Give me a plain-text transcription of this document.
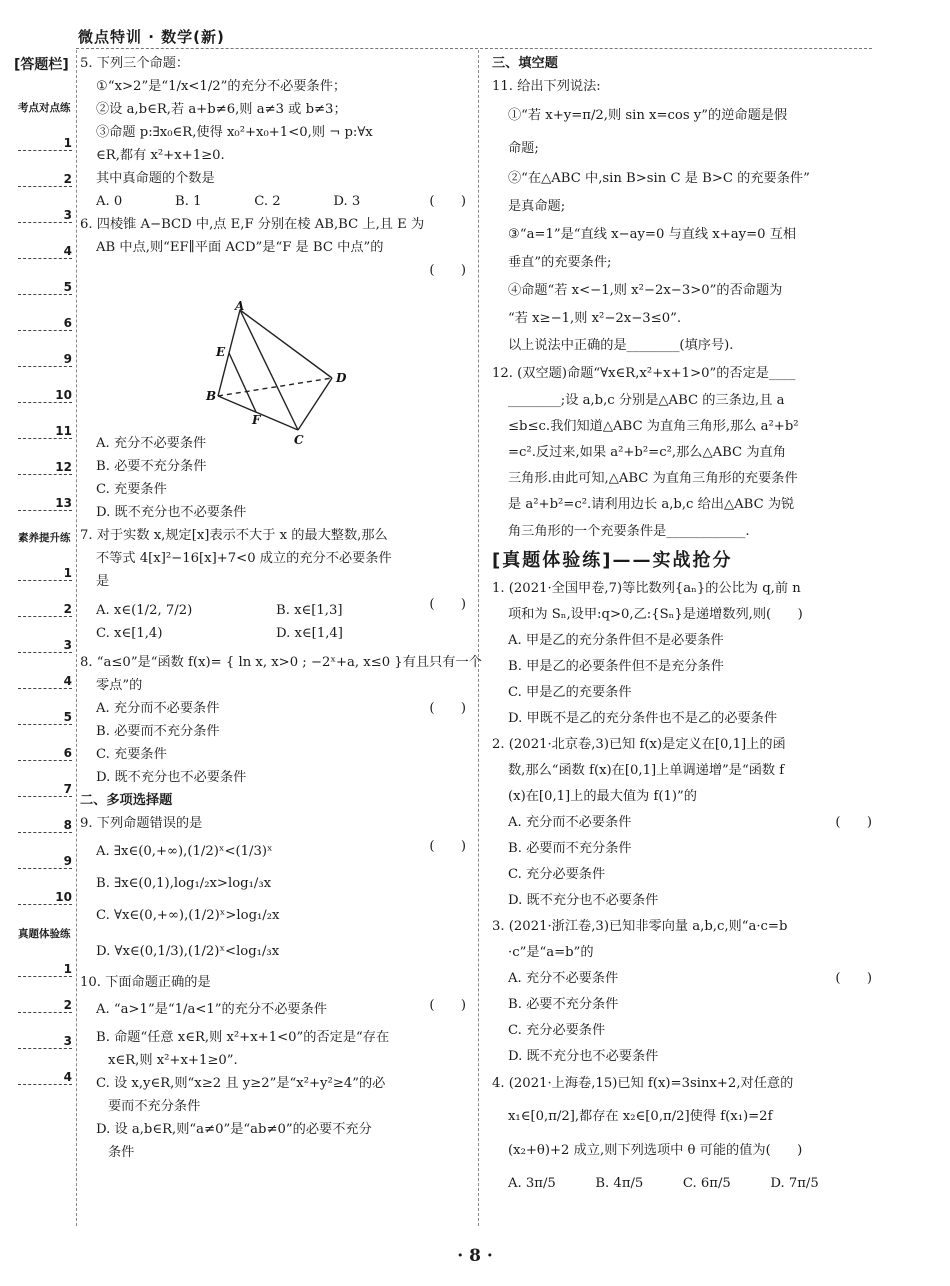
微点特训 · 数学(新)
[答题栏]
考点对点练
1
2
3
4
5
6
9
10
11
12
13
素养提升练
1
2
3
4
5
6
7
8
9
10
真题体验练
1
2
3
4

5. 下列三个命题：

①“x>2”是“1/x<1/2”的充分不必要条件；

②设 a,b∈R,若 a+b≠6,则 a≠3 或 b≠3；

③命题 p:∃x₀∈R,使得 x₀²+x₀+1<0,则 ¬ p:∀x

∈R,都有 x²+x+1≥0.

其中真命题的个数是

(　　)

A. 0　　　　B. 1　　　　C. 2　　　　D. 3

6. 四棱锥 A−BCD 中,点 E,F 分别在棱 AB,BC 上,且 E 为

AB 中点,则“EF∥平面 ACD”是“F 是 BC 中点”的

(　　)

A. 充分不必要条件

B. 必要不充分条件

C. 充要条件

D. 既不充分也不必要条件

7. 对于实数 x,规定[x]表示不大于 x 的最大整数,那么

不等式 4[x]²−16[x]+7<0 成立的充分不必要条件

是

(　　)

A. x∈(1/2, 7/2)	B. x∈[1,3]

C. x∈[1,4)	D. x∈[1,4]

8. “a≤0”是“函数 f(x)= { ln x, x>0 ; −2ˣ+a, x≤0 }有且只有一个

零点”的

(　　)

A. 充分而不必要条件

B. 必要而不充分条件

C. 充要条件

D. 既不充分也不必要条件

二、多项选择题

9. 下列命题错误的是

(　　)

A. ∃x∈(0,+∞),(1/2)ˣ<(1/3)ˣ

B. ∃x∈(0,1),log₁/₂x>log₁/₃x

C. ∀x∈(0,+∞),(1/2)ˣ>log₁/₂x

D. ∀x∈(0,1/3),(1/2)ˣ<log₁/₃x

10. 下面命题正确的是

(　　)

A. “a>1”是“1/a<1”的充分不必要条件

B. 命题“任意 x∈R,则 x²+x+1<0”的否定是“存在

x∈R,则 x²+x+1≥0”.

C. 设 x,y∈R,则“x≥2 且 y≥2”是“x²+y²≥4”的必

要而不充分条件

D. 设 a,b∈R,则“a≠0”是“ab≠0”的必要不充分

条件

A
E
B
F
C
D

三、填空题

11. 给出下列说法:

①“若 x+y=π/2,则 sin x=cos y”的逆命题是假

命题;

②“在△ABC 中,sin B>sin C 是 B>C 的充要条件”

是真命题;

③“a=1”是“直线 x−ay=0 与直线 x+ay=0 互相

垂直”的充要条件;

④命题“若 x<−1,则 x²−2x−3>0”的否命题为

“若 x≥−1,则 x²−2x−3≤0”.

以上说法中正确的是________(填序号).

12. (双空题)命题“∀x∈R,x²+x+1>0”的否定是____

________;设 a,b,c 分别是△ABC 的三条边,且 a

≤b≤c.我们知道△ABC 为直角三角形,那么 a²+b²

=c².反过来,如果 a²+b²=c²,那么△ABC 为直角

三角形.由此可知,△ABC 为直角三角形的充要条件

是 a²+b²=c².请利用边长 a,b,c 给出△ABC 为锐

角三角形的一个充要条件是____________.

[真题体验练]——实战抢分

1. (2021·全国甲卷,7)等比数列{aₙ}的公比为 q,前 n

项和为 Sₙ,设甲:q>0,乙:{Sₙ}是递增数列,则(　　)

A. 甲是乙的充分条件但不是必要条件

B. 甲是乙的必要条件但不是充分条件

C. 甲是乙的充要条件

D. 甲既不是乙的充分条件也不是乙的必要条件

2. (2021·北京卷,3)已知 f(x)是定义在[0,1]上的函

数,那么“函数 f(x)在[0,1]上单调递增”是“函数 f

(x)在[0,1]上的最大值为 f(1)”的

(　　)

A. 充分而不必要条件

B. 必要而不充分条件

C. 充分必要条件

D. 既不充分也不必要条件

3. (2021·浙江卷,3)已知非零向量 a,b,c,则“a·c=b

·c”是“a=b”的

(　　)

A. 充分不必要条件

B. 必要不充分条件

C. 充分必要条件

D. 既不充分也不必要条件

4. (2021·上海卷,15)已知 f(x)=3sinx+2,对任意的

x₁∈[0,π/2],都存在 x₂∈[0,π/2]使得 f(x₁)=2f

(x₂+θ)+2 成立,则下列选项中 θ 可能的值为(　　)

A. 3π/5　　　B. 4π/5　　　C. 6π/5　　　D. 7π/5

· 8 ·
